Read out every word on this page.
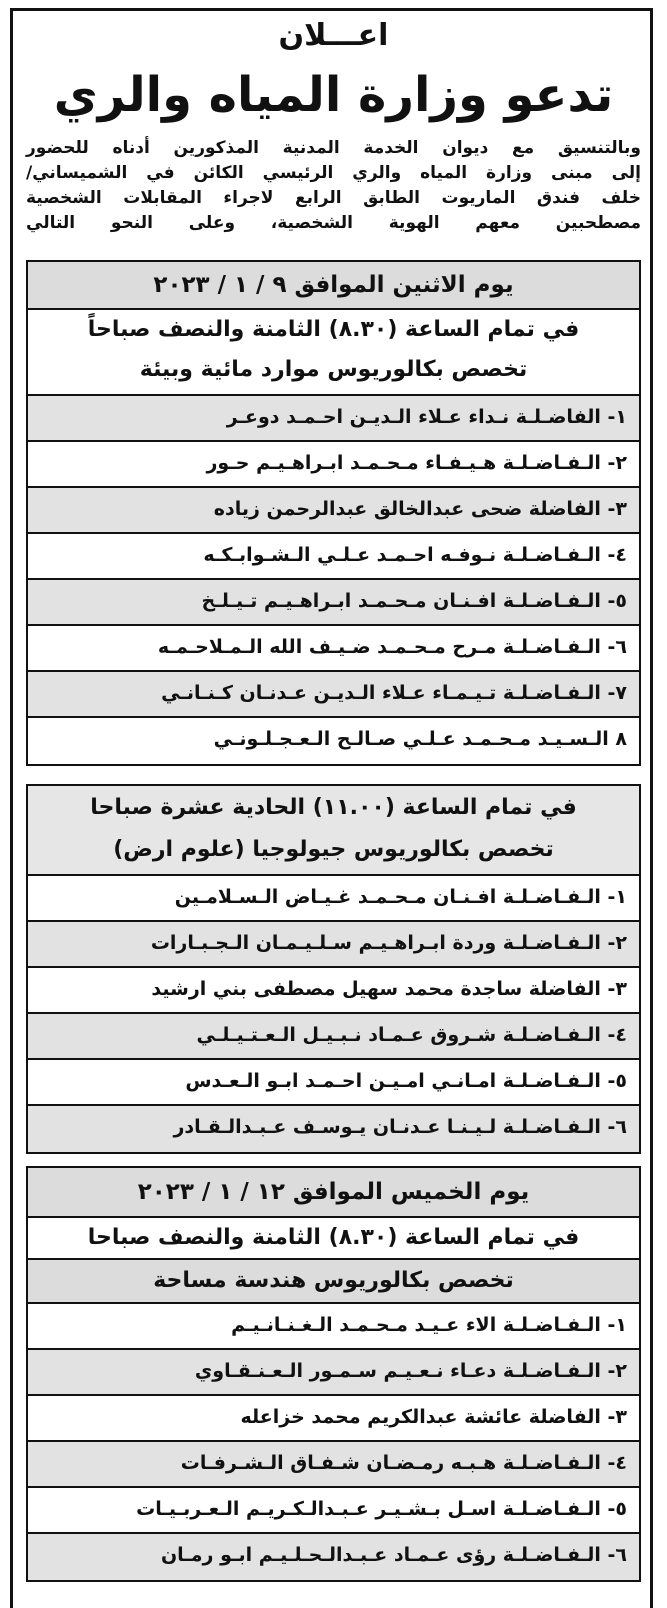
اعـــلان
تدعو وزارة المياه والري
وبالتنسيق مع ديوان الخدمة المدنية المذكورين أدناه للحضور
إلى مبنى وزارة المياه والري الرئيسي الكائن في الشميساني/
خلف فندق الماريوت الطابق الرابع لاجراء المقابلات الشخصية
مصطحبين معهم الهوية الشخصية، وعلى النحو التالي
يوم الاثنين الموافق ٩ / ١ / ٢٠٢٣
في تمام الساعة (٨.٣٠) الثامنة والنصف صباحاً
تخصص بكالوريوس موارد مائية وبيئة
١- الفاضـلـة نـداء عـلاء الـديـن احـمـد دوعـر
٢- الـفـاضـلـة هـيـفـاء مـحـمـد ابـراهـيـم حـور
٣- الفاضلة ضحى عبدالخالق عبدالرحمن زياده
٤- الـفـاضـلـة نـوفـه احـمـد عـلـي الـشـوابـكـه
٥- الـفـاضـلـة افـنـان مـحـمـد ابـراهـيـم تـيـلـخ
٦- الـفـاضـلـة مـرح مـحـمـد ضـيـف الله الـمـلاحـمـه
٧- الـفـاضـلـة تـيـمـاء عـلاء الـديـن عـدنـان كـنـانـي
٨ الـسـيـد مـحـمـد عـلـي صـالـح الـعـجـلـونـي
في تمام الساعة (١١.٠٠) الحادية عشرة صباحا
تخصص بكالوريوس جيولوجيا (علوم ارض)
١- الـفـاضـلـة افـنـان مـحـمـد غـيـاض الـسـلامـين
٢- الـفـاضـلـة وردة ابـراهـيـم سـلـيـمـان الـجـبـارات
٣- الفاضلة ساجدة محمد سهيل مصطفى بني ارشيد
٤- الـفـاضـلـة شـروق عـمـاد نـبـيـل الـعـتـيـلـي
٥- الـفـاضـلـة امـانـي امـيـن احـمـد ابـو الـعـدس
٦- الـفـاضـلـة لـيـنـا عـدنـان يـوسـف عـبـدالـقـادر
يوم الخميس الموافق ١٢ / ١ / ٢٠٢٣
في تمام الساعة (٨.٣٠) الثامنة والنصف صباحا
تخصص بكالوريوس هندسة مساحة
١- الـفـاضـلـة الاء عـيـد مـحـمـد الـغـنـانـيـم
٢- الـفـاضـلـة دعـاء نـعـيـم سـمـور الـعـنـقـاوي
٣- الفاضلة عائشة عبدالكريم محمد خزاعله
٤- الـفـاضـلـة هـبـه رمـضـان شـفـاق الـشـرفـات
٥- الـفـاضـلـة اسـل بـشـيـر عـبـدالـكـريـم الـعـربـيـات
٦- الـفـاضـلـة رؤى عـمـاد عـبـدالـحـلـيـم ابـو رمـان
